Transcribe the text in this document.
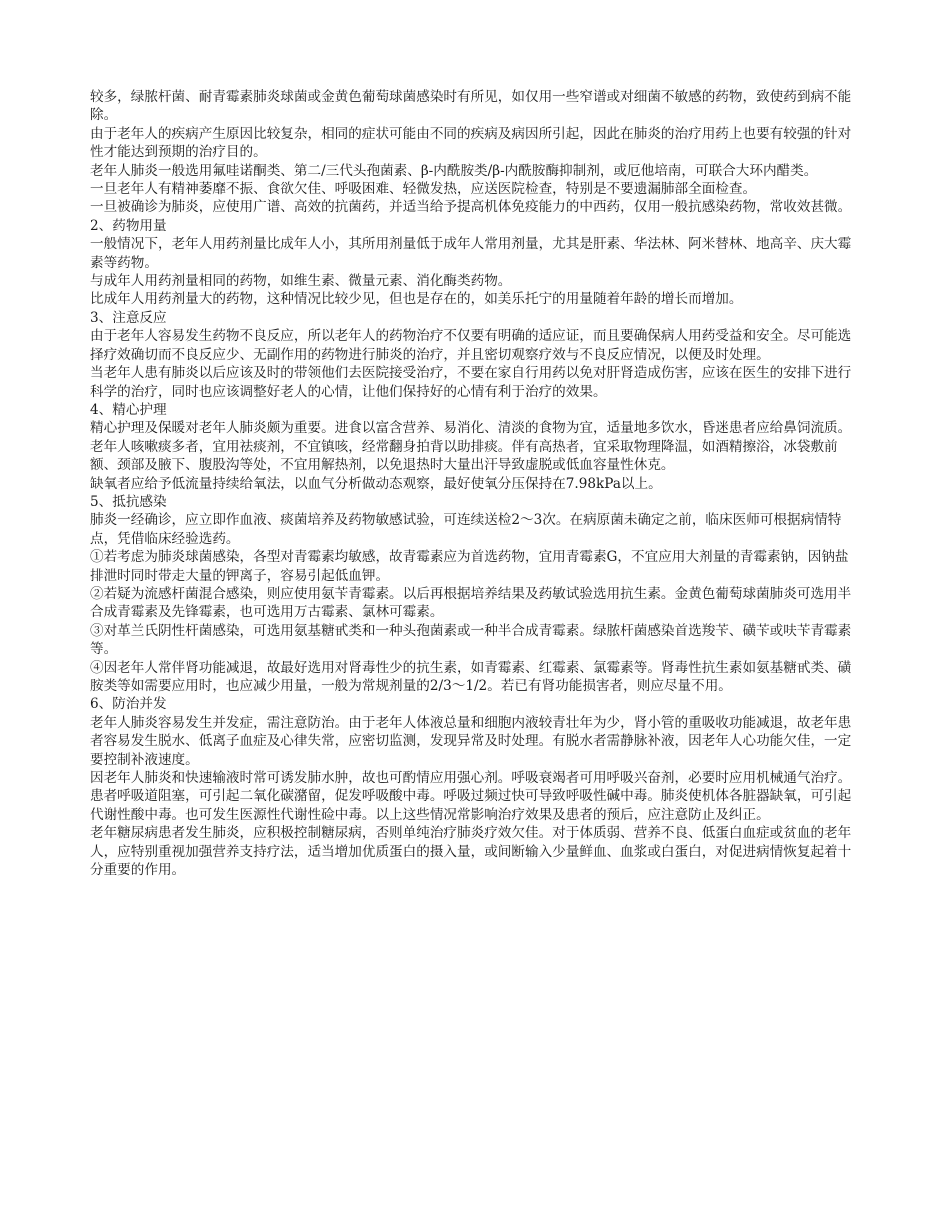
较多，绿脓杆菌、耐青霉素肺炎球菌或金黄色葡萄球菌感染时有所见，如仅用一些窄谱或对细菌不敏感的药物，致使药到病不能除。

由于老年人的疾病产生原因比较复杂，相同的症状可能由不同的疾病及病因所引起，因此在肺炎的治疗用药上也要有较强的针对性才能达到预期的治疗目的。

老年人肺炎一般选用氟哇诺酮类、第二/三代头孢菌素、β-内酰胺类/β-内酰胺酶抑制剂，或厄他培南，可联合大环内醋类。

一旦老年人有精神萎靡不振、食欲欠佳、呼吸困难、轻微发热，应送医院检查，特别是不要遗漏肺部全面检查。

一旦被确诊为肺炎，应使用广谱、高效的抗菌药，并适当给予提高机体免疫能力的中西药，仅用一般抗感染药物，常收效甚微。

2、药物用量

一般情况下，老年人用药剂量比成年人小，其所用剂量低于成年人常用剂量，尤其是肝素、华法林、阿米替林、地高辛、庆大霉素等药物。

与成年人用药剂量相同的药物，如维生素、微量元素、消化酶类药物。

比成年人用药剂量大的药物，这种情况比较少见，但也是存在的，如美乐托宁的用量随着年龄的增长而增加。

3、注意反应

由于老年人容易发生药物不良反应，所以老年人的药物治疗不仅要有明确的适应证，而且要确保病人用药受益和安全。尽可能选择疗效确切而不良反应少、无副作用的药物进行肺炎的治疗，并且密切观察疗效与不良反应情况，以便及时处理。

当老年人患有肺炎以后应该及时的带领他们去医院接受治疗，不要在家自行用药以免对肝肾造成伤害，应该在医生的安排下进行科学的治疗，同时也应该调整好老人的心情，让他们保持好的心情有利于治疗的效果。

4、精心护理

精心护理及保暖对老年人肺炎颇为重要。进食以富含营养、易消化、清淡的食物为宜，适量地多饮水，昏迷患者应给鼻饲流质。

老年人咳嗽痰多者，宜用祛痰剂，不宜镇咳，经常翻身拍背以助排痰。伴有高热者，宜采取物理降温，如酒精擦浴，冰袋敷前额、颈部及腋下、腹股沟等处，不宜用解热剂，以免退热时大量出汗导致虚脱或低血容量性休克。

缺氧者应给予低流量持续给氧法，以血气分析做动态观察，最好使氧分压保持在7.98kPa以上。

5、抵抗感染

肺炎一经确诊，应立即作血液、痰菌培养及药物敏感试验，可连续送检2～3次。在病原菌未确定之前，临床医师可根据病情特点，凭借临床经验选药。

①若考虑为肺炎球菌感染，各型对青霉素均敏感，故青霉素应为首选药物，宜用青霉素G，不宜应用大剂量的青霉素钠，因钠盐排泄时同时带走大量的钾离子，容易引起低血钾。

②若疑为流感杆菌混合感染，则应使用氨苄青霉素。以后再根据培养结果及药敏试验选用抗生素。金黄色葡萄球菌肺炎可选用半合成青霉素及先锋霉素，也可选用万古霉素、氯林可霉素。

③对革兰氏阴性杆菌感染，可选用氨基糖甙类和一种头孢菌素或一种半合成青霉素。绿脓杆菌感染首选羧苄、磺苄或呋苄青霉素等。

④因老年人常伴肾功能减退，故最好选用对肾毒性少的抗生素，如青霉素、红霉素、氯霉素等。肾毒性抗生素如氨基糖甙类、磺胺类等如需要应用时，也应减少用量，一般为常规剂量的2/3～1/2。若已有肾功能损害者，则应尽量不用。

6、防治并发

老年人肺炎容易发生并发症，需注意防治。由于老年人体液总量和细胞内液较青壮年为少，肾小管的重吸收功能减退，故老年患者容易发生脱水、低离子血症及心律失常，应密切监测，发现异常及时处理。有脱水者需静脉补液，因老年人心功能欠佳，一定要控制补液速度。

因老年人肺炎和快速输液时常可诱发肺水肿，故也可酌情应用强心剂。呼吸衰竭者可用呼吸兴奋剂，必要时应用机械通气治疗。

患者呼吸道阻塞，可引起二氧化碳潴留，促发呼吸酸中毒。呼吸过频过快可导致呼吸性碱中毒。肺炎使机体各脏器缺氧，可引起代谢性酸中毒。也可发生医源性代谢性硷中毒。以上这些情况常影响治疗效果及患者的预后，应注意防止及纠正。

老年糖尿病患者发生肺炎，应积极控制糖尿病，否则单纯治疗肺炎疗效欠佳。对于体质弱、营养不良、低蛋白血症或贫血的老年人，应特别重视加强营养支持疗法，适当增加优质蛋白的摄入量，或间断输入少量鲜血、血浆或白蛋白，对促进病情恢复起着十分重要的作用。
